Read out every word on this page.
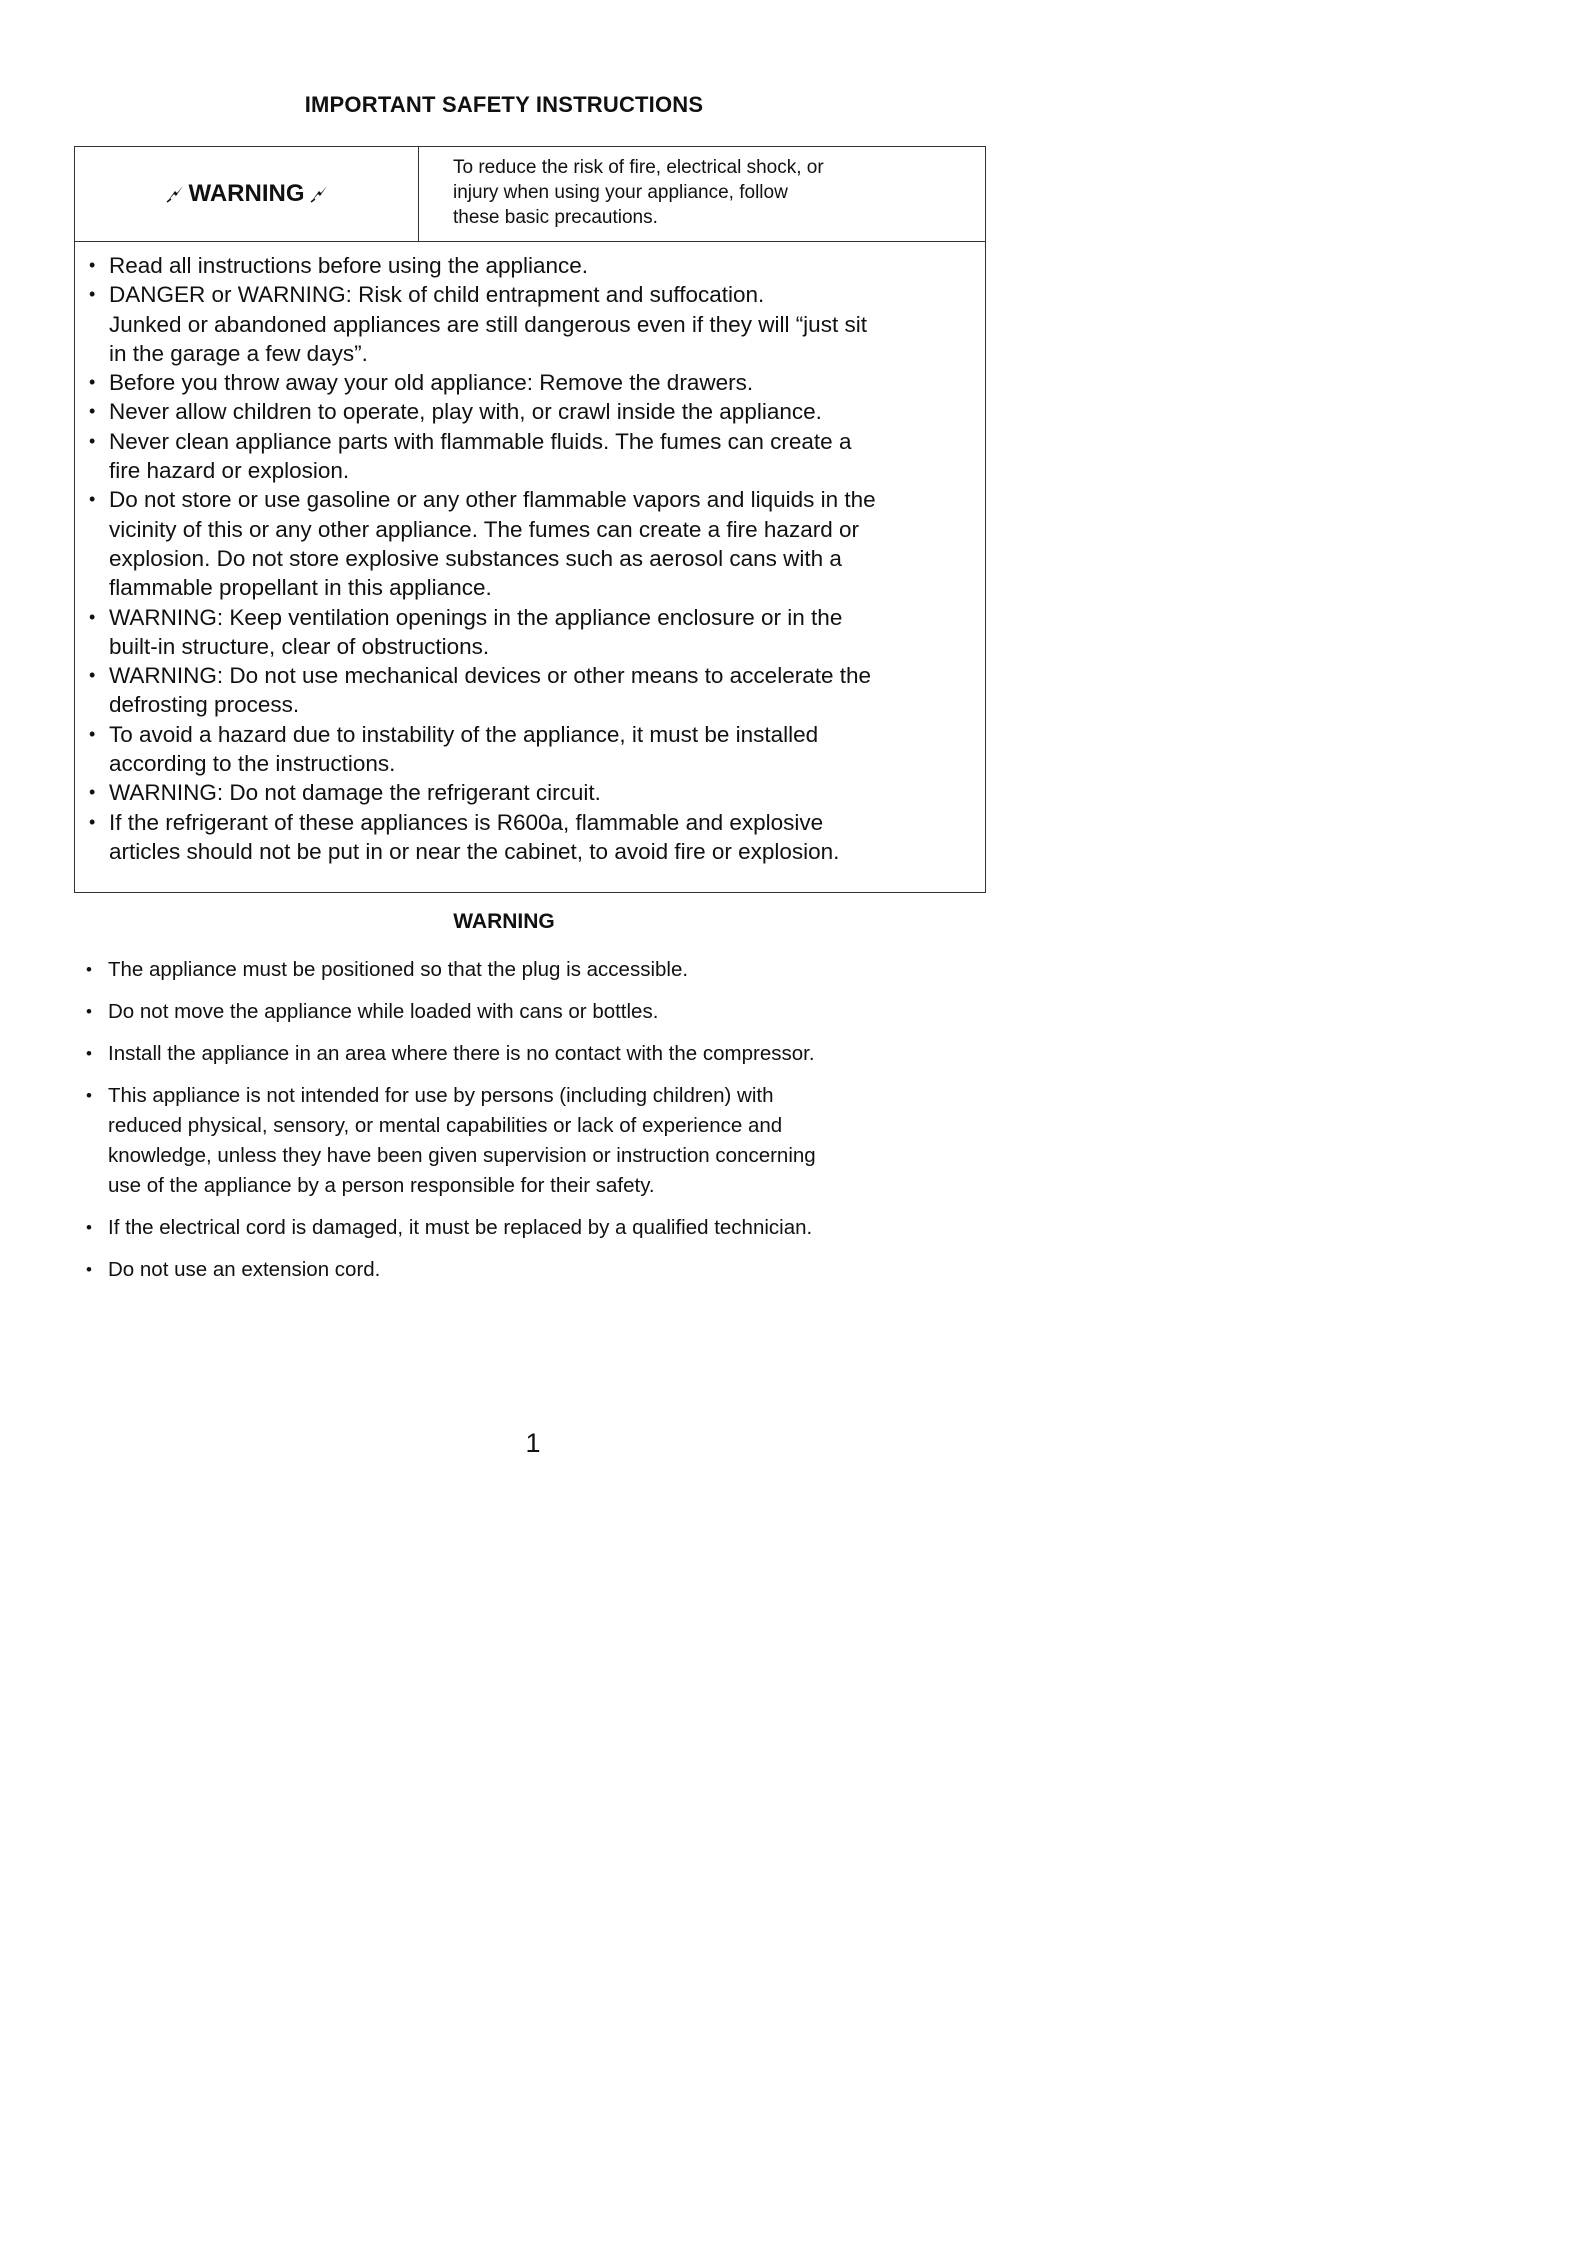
IMPORTANT SAFETY INSTRUCTIONS
WARNING
To reduce the risk of fire, electrical shock, or
injury when using your appliance, follow
these basic precautions.
• Read all instructions before using the appliance.
• DANGER or WARNING: Risk of child entrapment and suffocation.
Junked or abandoned appliances are still dangerous even if they will “just sit
in the garage a few days”.
• Before you throw away your old appliance: Remove the drawers.
• Never allow children to operate, play with, or crawl inside the appliance.
• Never clean appliance parts with flammable fluids. The fumes can create a
fire hazard or explosion.
• Do not store or use gasoline or any other flammable vapors and liquids in the
vicinity of this or any other appliance. The fumes can create a fire hazard or
explosion. Do not store explosive substances such as aerosol cans with a
flammable propellant in this appliance.
• WARNING: Keep ventilation openings in the appliance enclosure or in the
built-in structure, clear of obstructions.
• WARNING: Do not use mechanical devices or other means to accelerate the
defrosting process.
• To avoid a hazard due to instability of the appliance, it must be installed
according to the instructions.
• WARNING: Do not damage the refrigerant circuit.
• If the refrigerant of these appliances is R600a, flammable and explosive
articles should not be put in or near the cabinet, to avoid fire or explosion.
WARNING
• The appliance must be positioned so that the plug is accessible.
• Do not move the appliance while loaded with cans or bottles.
• Install the appliance in an area where there is no contact with the compressor.
• This appliance is not intended for use by persons (including children) with
reduced physical, sensory, or mental capabilities or lack of experience and
knowledge, unless they have been given supervision or instruction concerning
use of the appliance by a person responsible for their safety.
• If the electrical cord is damaged, it must be replaced by a qualified technician.
• Do not use an extension cord.
1
